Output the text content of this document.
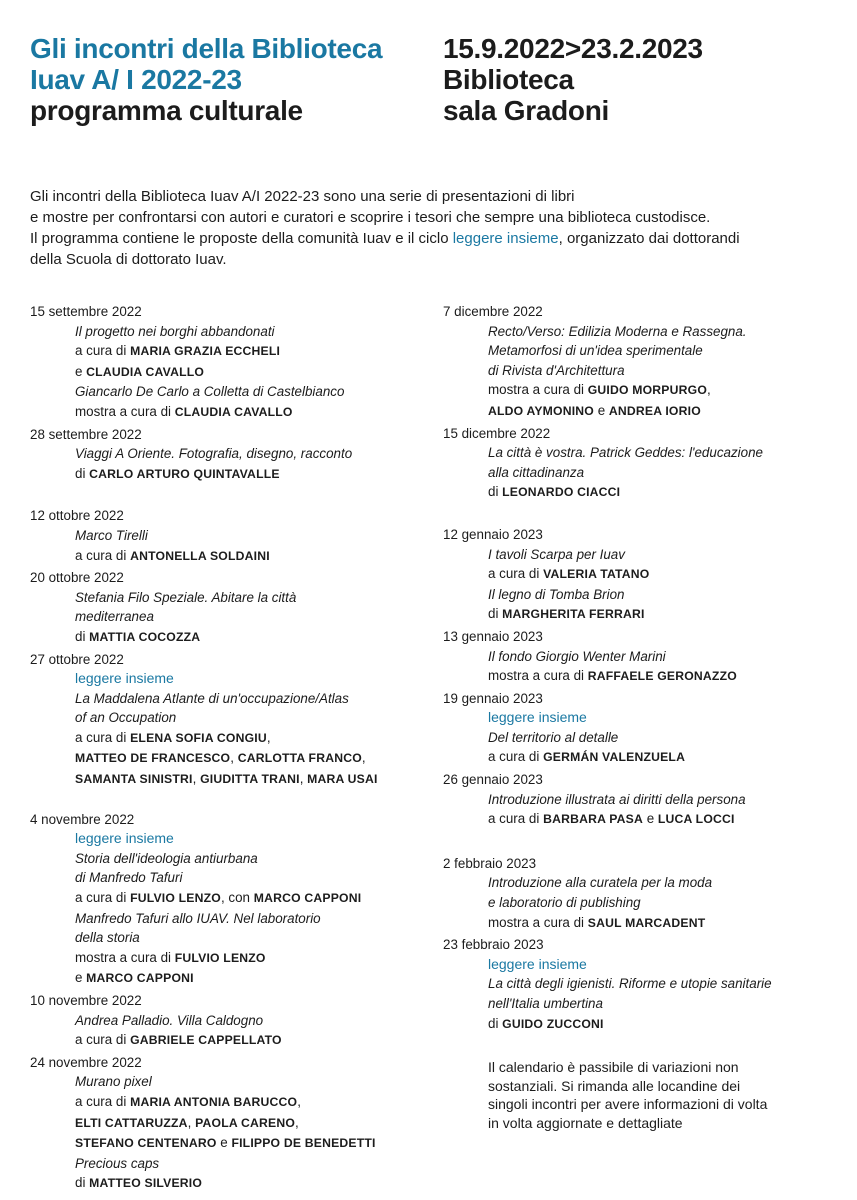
Gli incontri della Biblioteca
Iuav A/ I 2022-23
programma culturale
15.9.2022>23.2.2023
Biblioteca
sala Gradoni
Gli incontri della Biblioteca Iuav A/I 2022-23 sono una serie di presentazioni di libri
e mostre per confrontarsi con autori e curatori e scoprire i tesori che sempre una biblioteca custodisce.
Il programma contiene le proposte della comunità Iuav e il ciclo leggere insieme, organizzato dai dottorandi
della Scuola di dottorato Iuav.
15 settembre 2022
Il progetto nei borghi abbandonati
a cura di MARIA GRAZIA ECCHELI
e CLAUDIA CAVALLO
Giancarlo De Carlo a Colletta di Castelbianco
mostra a cura di CLAUDIA CAVALLO
28 settembre 2022
Viaggi A Oriente. Fotografia, disegno, racconto
di CARLO ARTURO QUINTAVALLE
12 ottobre 2022
Marco Tirelli
a cura di ANTONELLA SOLDAINI
20 ottobre 2022
Stefania Filo Speziale. Abitare la città
mediterranea
di MATTIA COCOZZA
27 ottobre 2022
leggere insieme
La Maddalena Atlante di un'occupazione/Atlas
of an Occupation
a cura di ELENA SOFIA CONGIU,
MATTEO DE FRANCESCO, CARLOTTA FRANCO,
SAMANTA SINISTRI, GIUDITTA TRANI, MARA USAI
4 novembre 2022
leggere insieme
Storia dell'ideologia antiurbana
di Manfredo Tafuri
a cura di FULVIO LENZO, con MARCO CAPPONI
Manfredo Tafuri allo IUAV. Nel laboratorio
della storia
mostra a cura di FULVIO LENZO
e MARCO CAPPONI
10 novembre 2022
Andrea Palladio. Villa Caldogno
a cura di GABRIELE CAPPELLATO
24 novembre 2022
Murano pixel
a cura di MARIA ANTONIA BARUCCO,
ELTI CATTARUZZA, PAOLA CARENO,
STEFANO CENTENARO e FILIPPO DE BENEDETTI
Precious caps
di MATTEO SILVERIO
7 dicembre 2022
Recto/Verso: Edilizia Moderna e Rassegna.
Metamorfosi di un'idea sperimentale
di Rivista d'Architettura
mostra a cura di GUIDO MORPURGO,
ALDO AYMONINO e ANDREA IORIO
15 dicembre 2022
La città è vostra. Patrick Geddes: l'educazione
alla cittadinanza
di LEONARDO CIACCI
12 gennaio 2023
I tavoli Scarpa per Iuav
a cura di VALERIA TATANO
Il legno di Tomba Brion
di MARGHERITA FERRARI
13 gennaio 2023
Il fondo Giorgio Wenter Marini
mostra a cura di RAFFAELE GERONAZZO
19 gennaio 2023
leggere insieme
Del territorio al detalle
a cura di GERMÁN VALENZUELA
26 gennaio 2023
Introduzione illustrata ai diritti della persona
a cura di BARBARA PASA e LUCA LOCCI
2 febbraio 2023
Introduzione alla curatela per la moda
e laboratorio di publishing
mostra a cura di SAUL MARCADENT
23 febbraio 2023
leggere insieme
La città degli igienisti. Riforme e utopie sanitarie
nell'Italia umbertina
di GUIDO ZUCCONI
Il calendario è passibile di variazioni non
sostanziali. Si rimanda alle locandine dei
singoli incontri per avere informazioni di volta
in volta aggiornate e dettagliate
